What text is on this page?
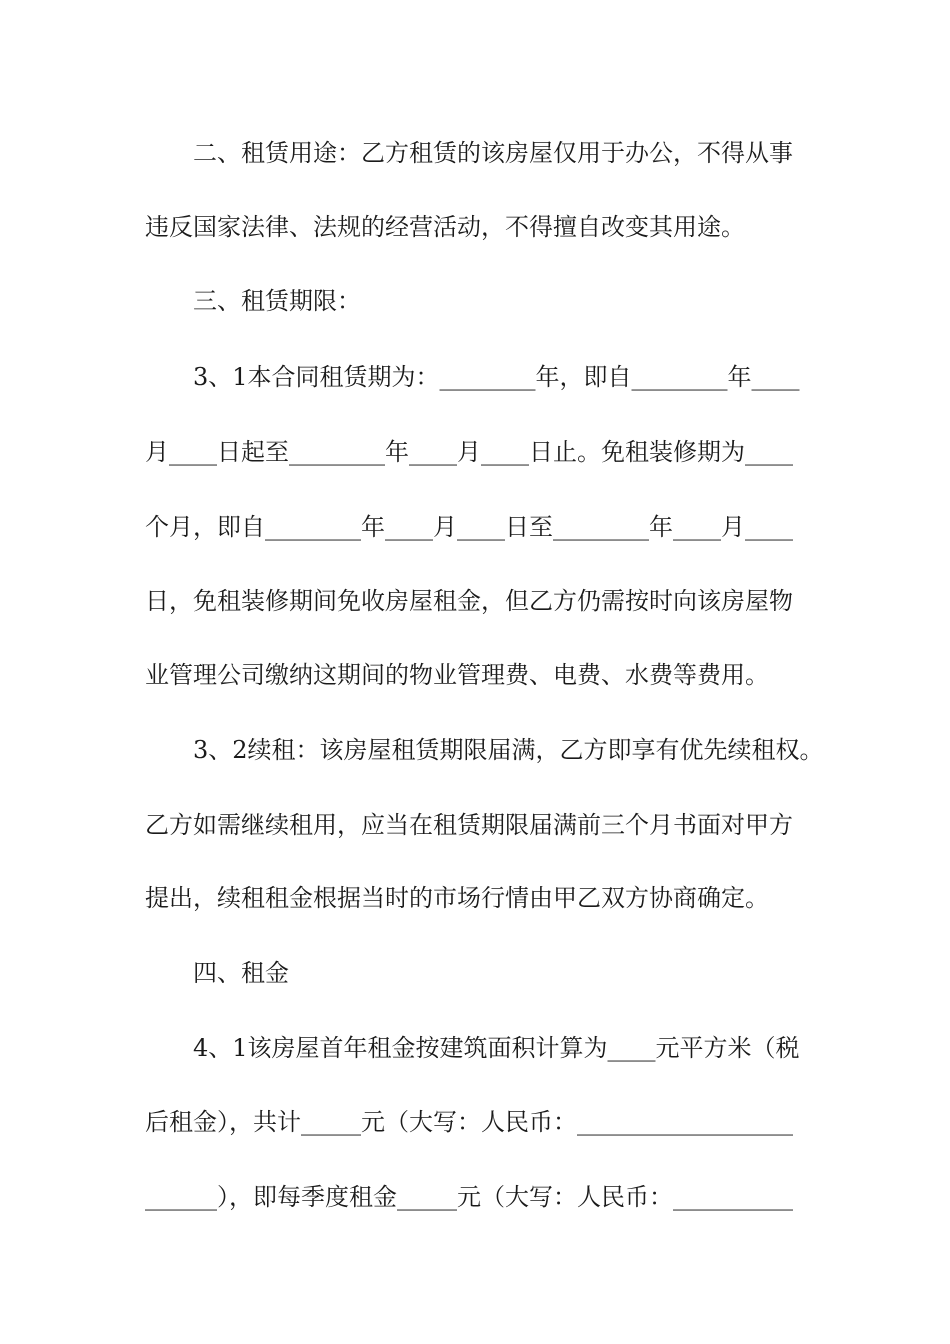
二、租赁用途：乙方租赁的该房屋仅用于办公，不得从事
违反国家法律、法规的经营活动，不得擅自改变其用途。
三、租赁期限：
3、1本合同租赁期为：________年，即自________年____
月____日起至________年____月____日止。免租装修期为____
个月，即自________年____月____日至________年____月____
日，免租装修期间免收房屋租金，但乙方仍需按时向该房屋物
业管理公司缴纳这期间的物业管理费、电费、水费等费用。
3、2续租：该房屋租赁期限届满，乙方即享有优先续租权。
乙方如需继续租用，应当在租赁期限届满前三个月书面对甲方
提出，续租租金根据当时的市场行情由甲乙双方协商确定。
四、租金
4、1该房屋首年租金按建筑面积计算为____元平方米（税
后租金），共计_____元（大写：人民币：__________________
______），即每季度租金_____元（大写：人民币：__________
